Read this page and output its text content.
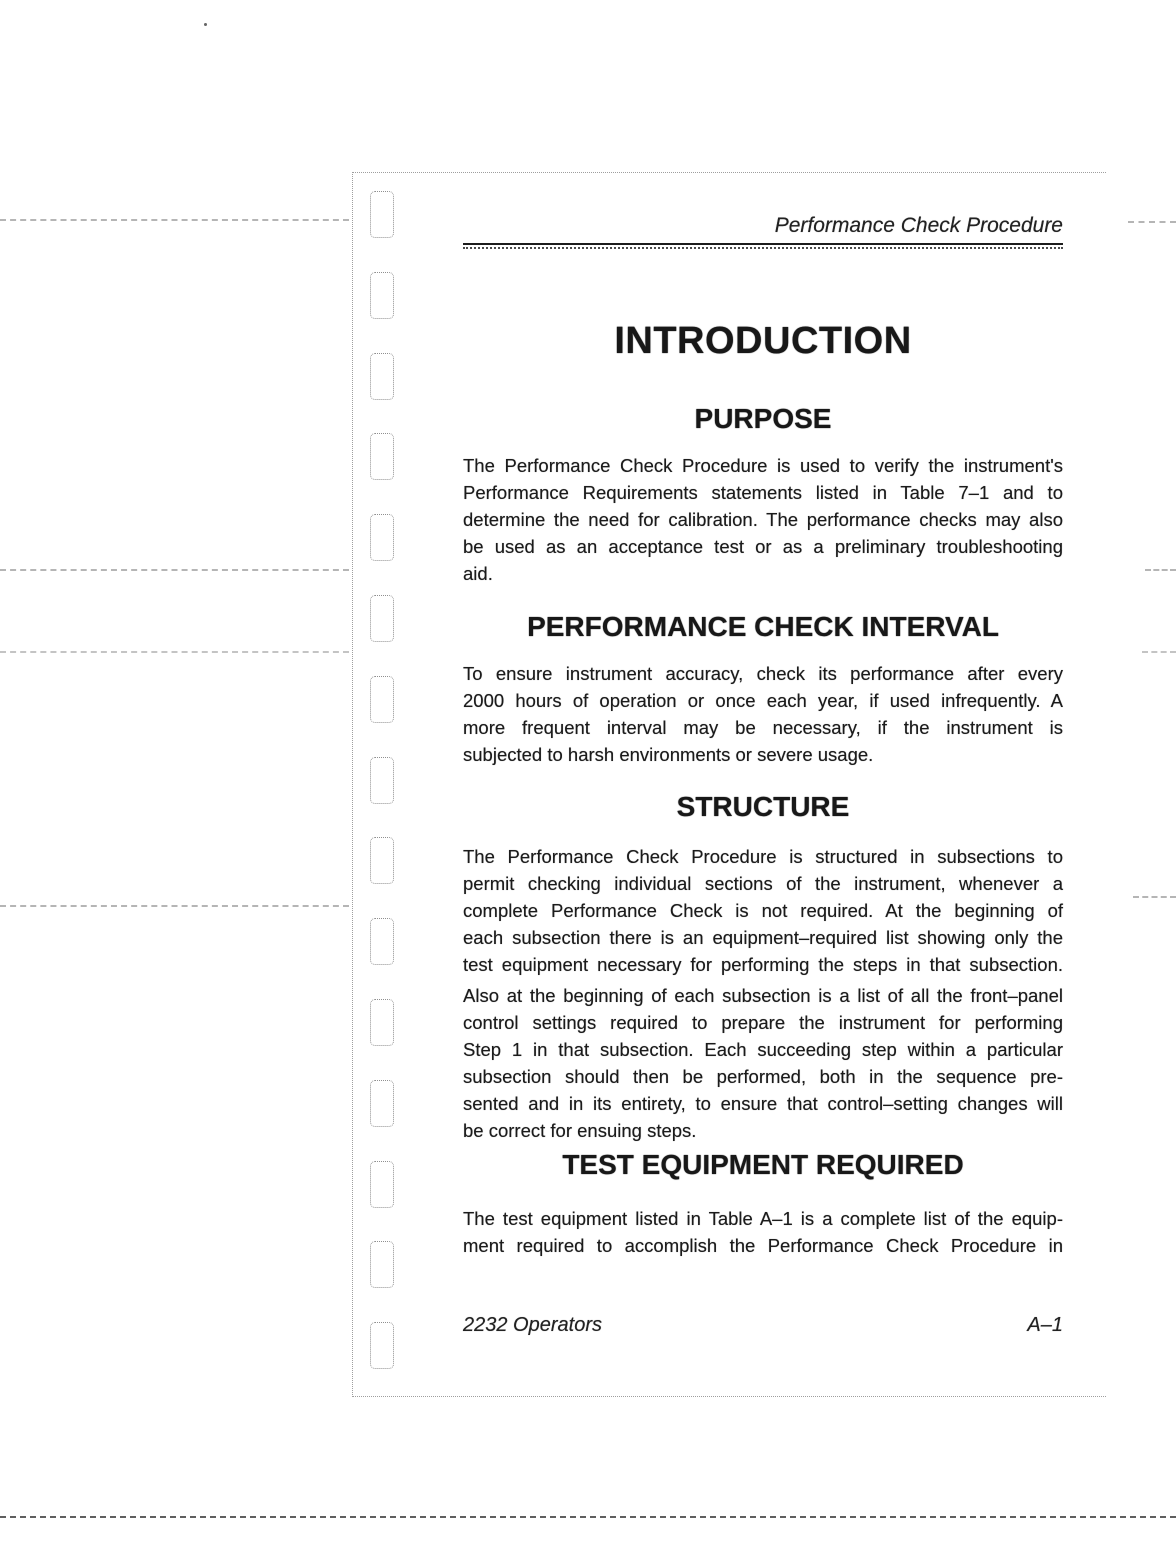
Performance Check Procedure
INTRODUCTION
PURPOSE
The Performance Check Procedure is used to verify the instrument's
Performance Requirements statements listed in Table 7–1 and to
determine the need for calibration. The performance checks may also
be used as an acceptance test or as a preliminary troubleshooting
aid.
PERFORMANCE CHECK INTERVAL
To ensure instrument accuracy, check its performance after every
2000 hours of operation or once each year, if used infrequently. A
more frequent interval may be necessary, if the instrument is
subjected to harsh environments or severe usage.
STRUCTURE
The Performance Check Procedure is structured in subsections to
permit checking individual sections of the instrument, whenever a
complete Performance Check is not required. At the beginning of
each subsection there is an equipment–required list showing only the
test equipment necessary for performing the steps in that subsection.
Also at the beginning of each subsection is a list of all the front–panel
control settings required to prepare the instrument for performing
Step 1 in that subsection. Each succeeding step within a particular
subsection should then be performed, both in the sequence pre-
sented and in its entirety, to ensure that control–setting changes will
be correct for ensuing steps.
TEST EQUIPMENT REQUIRED
The test equipment listed in Table A–1 is a complete list of the equip-
ment required to accomplish the Performance Check Procedure in
2232 Operators	A–1
